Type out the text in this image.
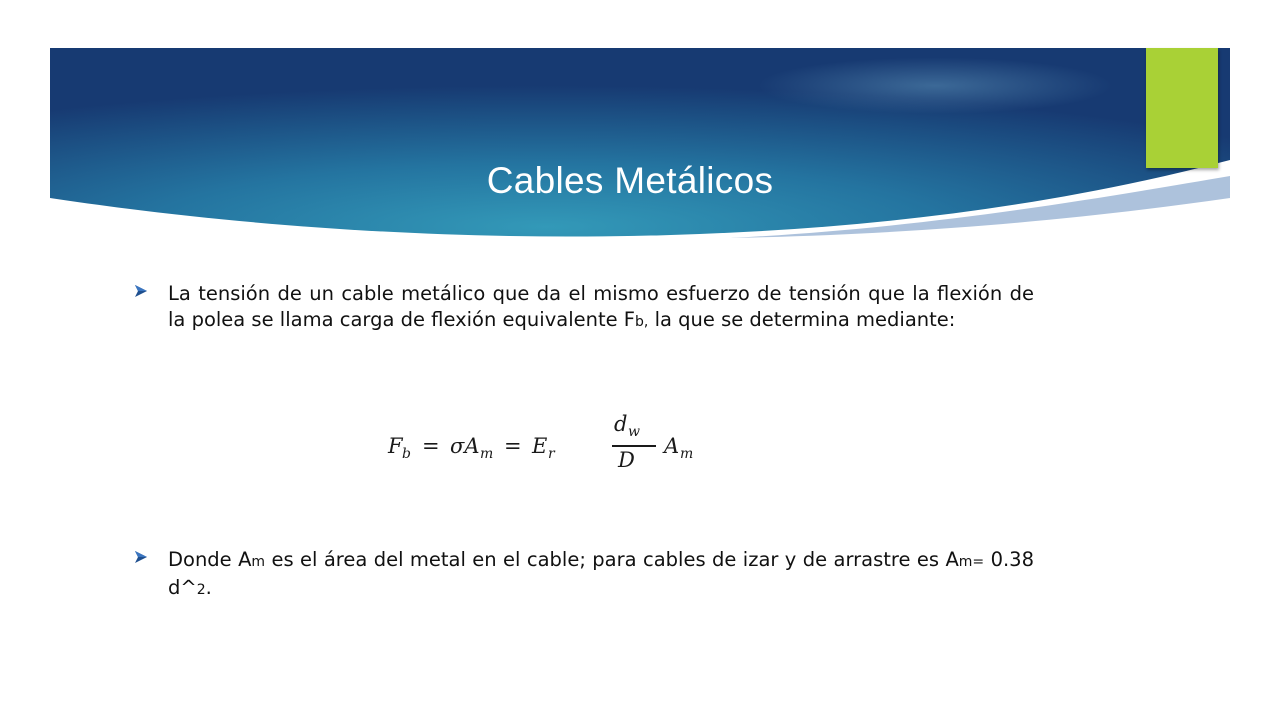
Cables Metálicos
La tensión de un cable metálico que da el mismo esfuerzo de tensión que la flexión de la polea se llama carga de flexión equivalente Fb, la que se determina mediante:
F b = σA m = E r
d w
D
A m
Donde Am es el área del metal en el cable; para cables de izar y de arrastre es Am= 0.38 d^2.
